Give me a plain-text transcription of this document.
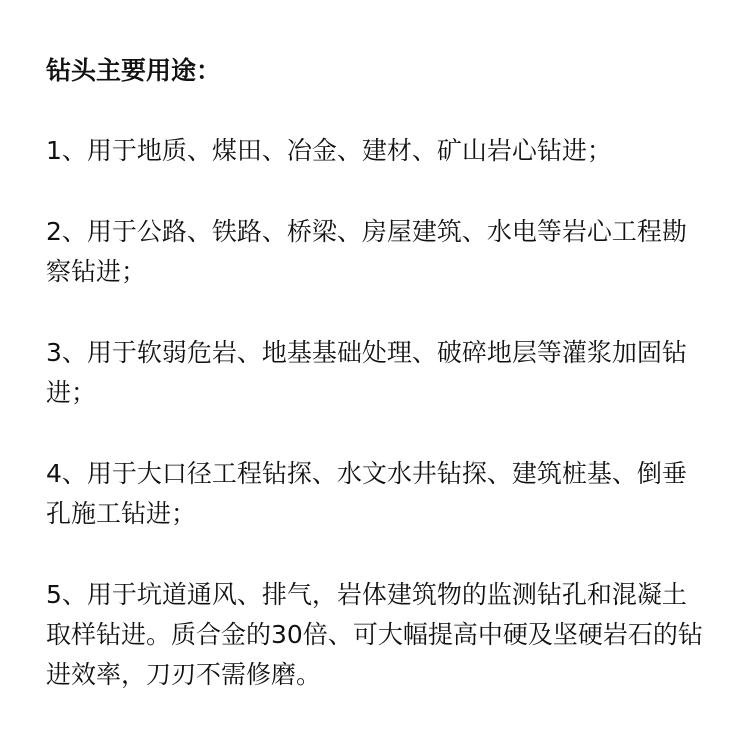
钻头主要用途：
1、用于地质、煤田、冶金、建材、矿山岩心钻进；
2、用于公路、铁路、桥梁、房屋建筑、水电等岩心工程勘察钻进；
3、用于软弱危岩、地基基础处理、破碎地层等灌浆加固钻进；
4、用于大口径工程钻探、水文水井钻探、建筑桩基、倒垂孔施工钻进；
5、用于坑道通风、排气，岩体建筑物的监测钻孔和混凝土取样钻进。质合金的30倍、可大幅提高中硬及坚硬岩石的钻进效率，刀刃不需修磨。
